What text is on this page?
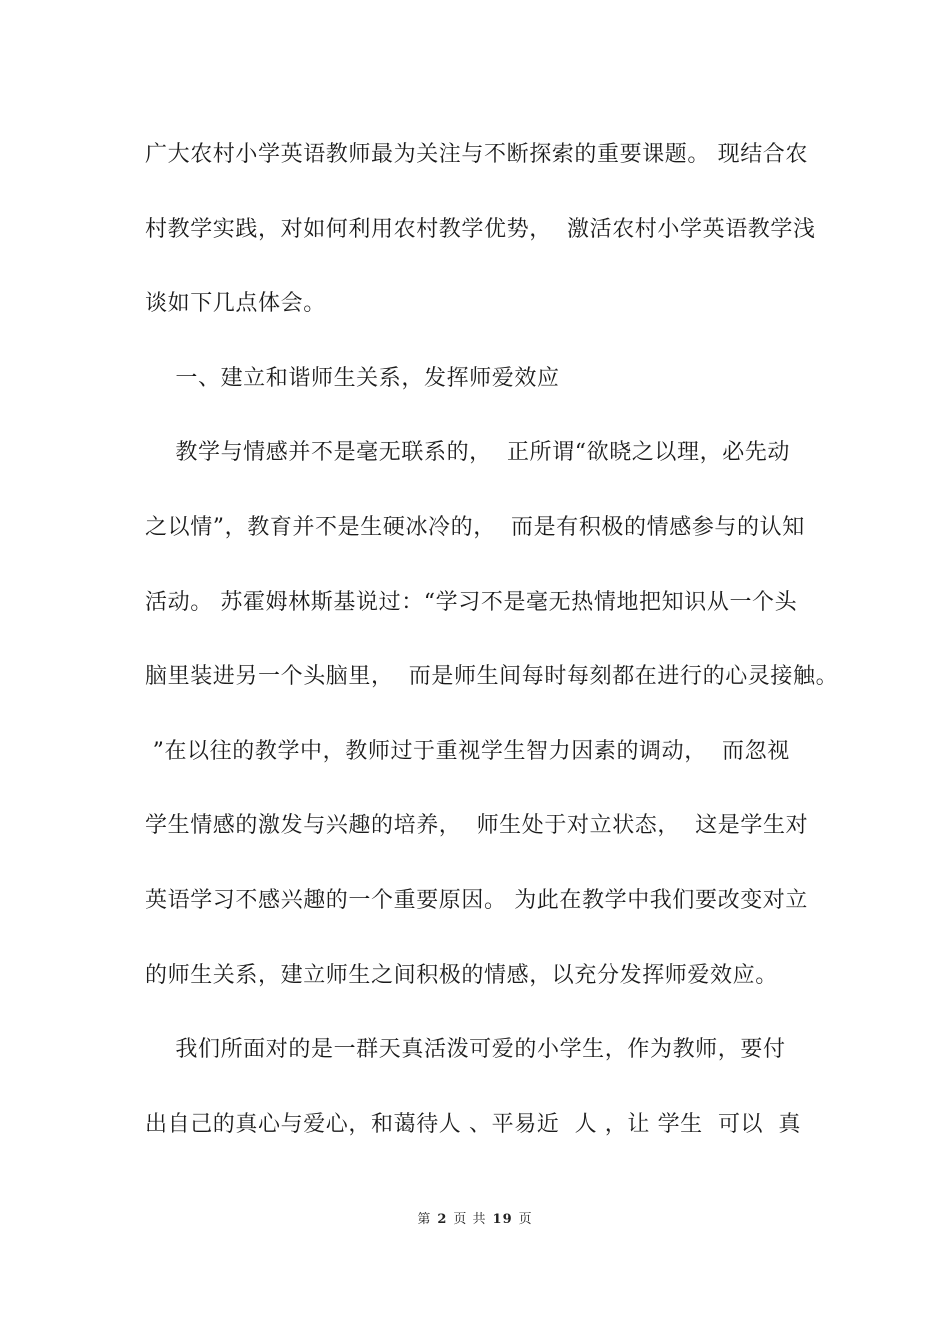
广大农村小学英语教师最为关注与不断探索的重要课题。 现结合农
村教学实践，对如何利用农村教学优势，  激活农村小学英语教学浅
谈如下几点体会。
一、建立和谐师生关系，发挥师爱效应
教学与情感并不是毫无联系的，  正所谓“欲晓之以理，必先动
之以情”，教育并不是生硬冰冷的，  而是有积极的情感参与的认知
活动。 苏霍姆林斯基说过：“学习不是毫无热情地把知识从一个头
脑里装进另一个头脑里，  而是师生间每时每刻都在进行的心灵接触。
”在以往的教学中，教师过于重视学生智力因素的调动，  而忽视
学生情感的激发与兴趣的培养，  师生处于对立状态，  这是学生对
英语学习不感兴趣的一个重要原因。 为此在教学中我们要改变对立
的师生关系，建立师生之间积极的情感，以充分发挥师爱效应。
我们所面对的是一群天真活泼可爱的小学生，作为教师，要付
出自己的真心与爱心，和蔼待人 、平易近  人 ，让 学生  可以  真
第 2 页 共 19 页
